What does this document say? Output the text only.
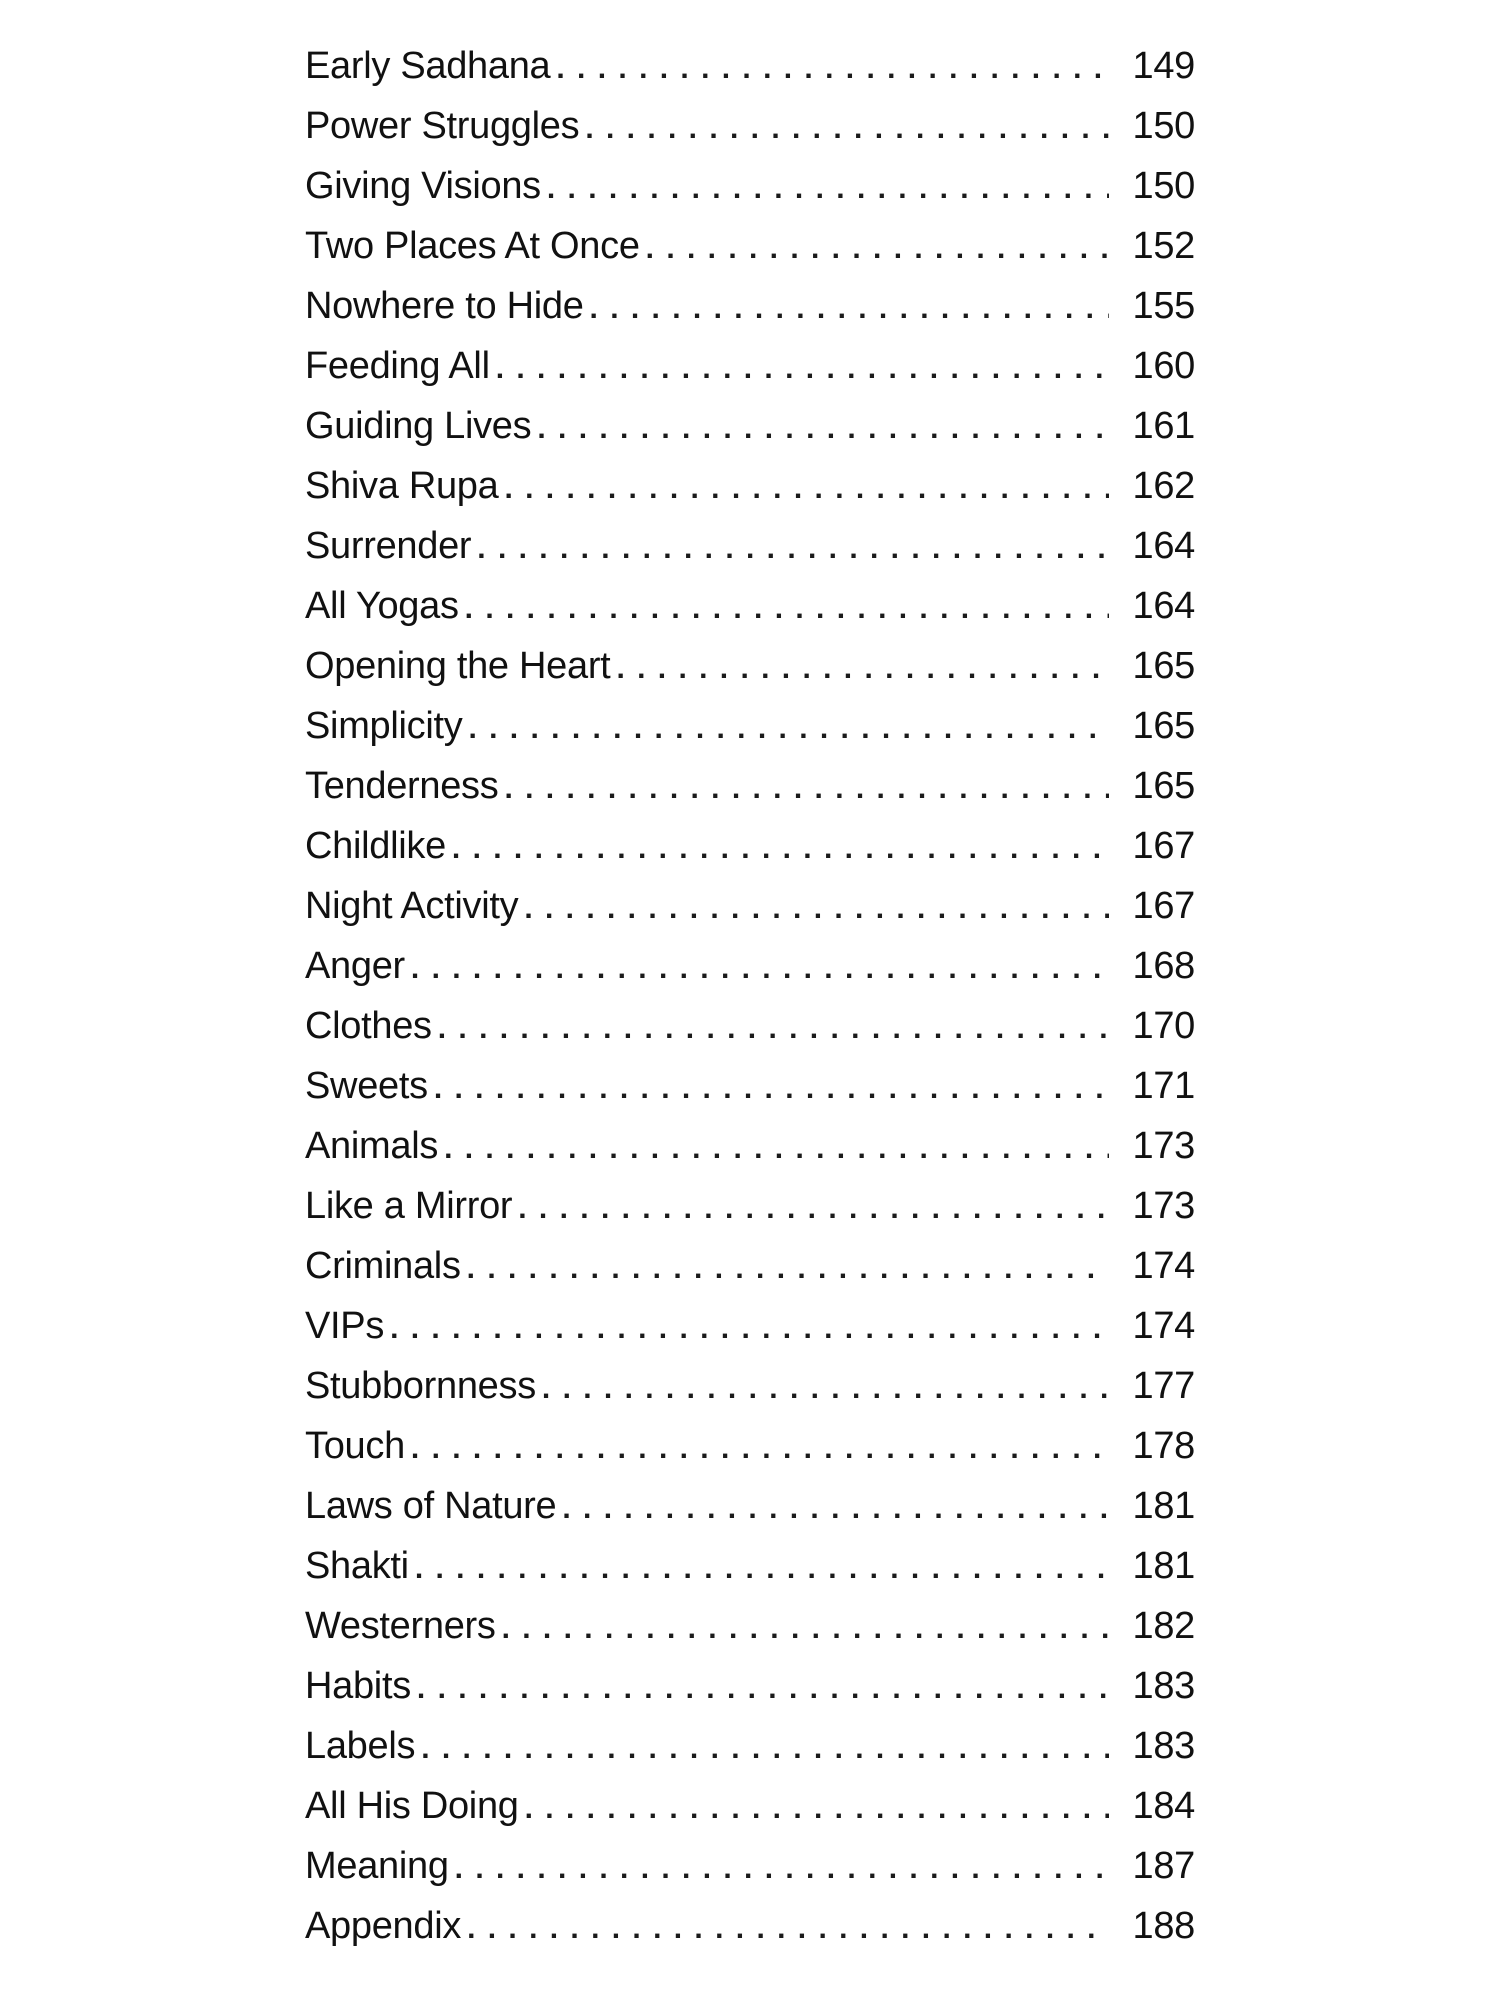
Early Sadhana . . .	149
Power Struggles . . .	150
Giving Visions . . .	150
Two Places At Once . . .	152
Nowhere to Hide . . .	155
Feeding All . . .	160
Guiding Lives . . .	161
Shiva Rupa . . .	162
Surrender . . .	164
All Yogas . . .	164
Opening the Heart . . .	165
Simplicity . . .	165
Tenderness . . .	165
Childlike . . .	167
Night Activity . . .	167
Anger . . .	168
Clothes . . .	170
Sweets . . .	171
Animals . . .	173
Like a Mirror . . .	173
Criminals . . .	174
VIPs . . .	174
Stubbornness . . .	177
Touch . . .	178
Laws of Nature . . .	181
Shakti . . .	181
Westerners . . .	182
Habits . . .	183
Labels . . .	183
All His Doing . . .	184
Meaning . . .	187
Appendix . . .	188
